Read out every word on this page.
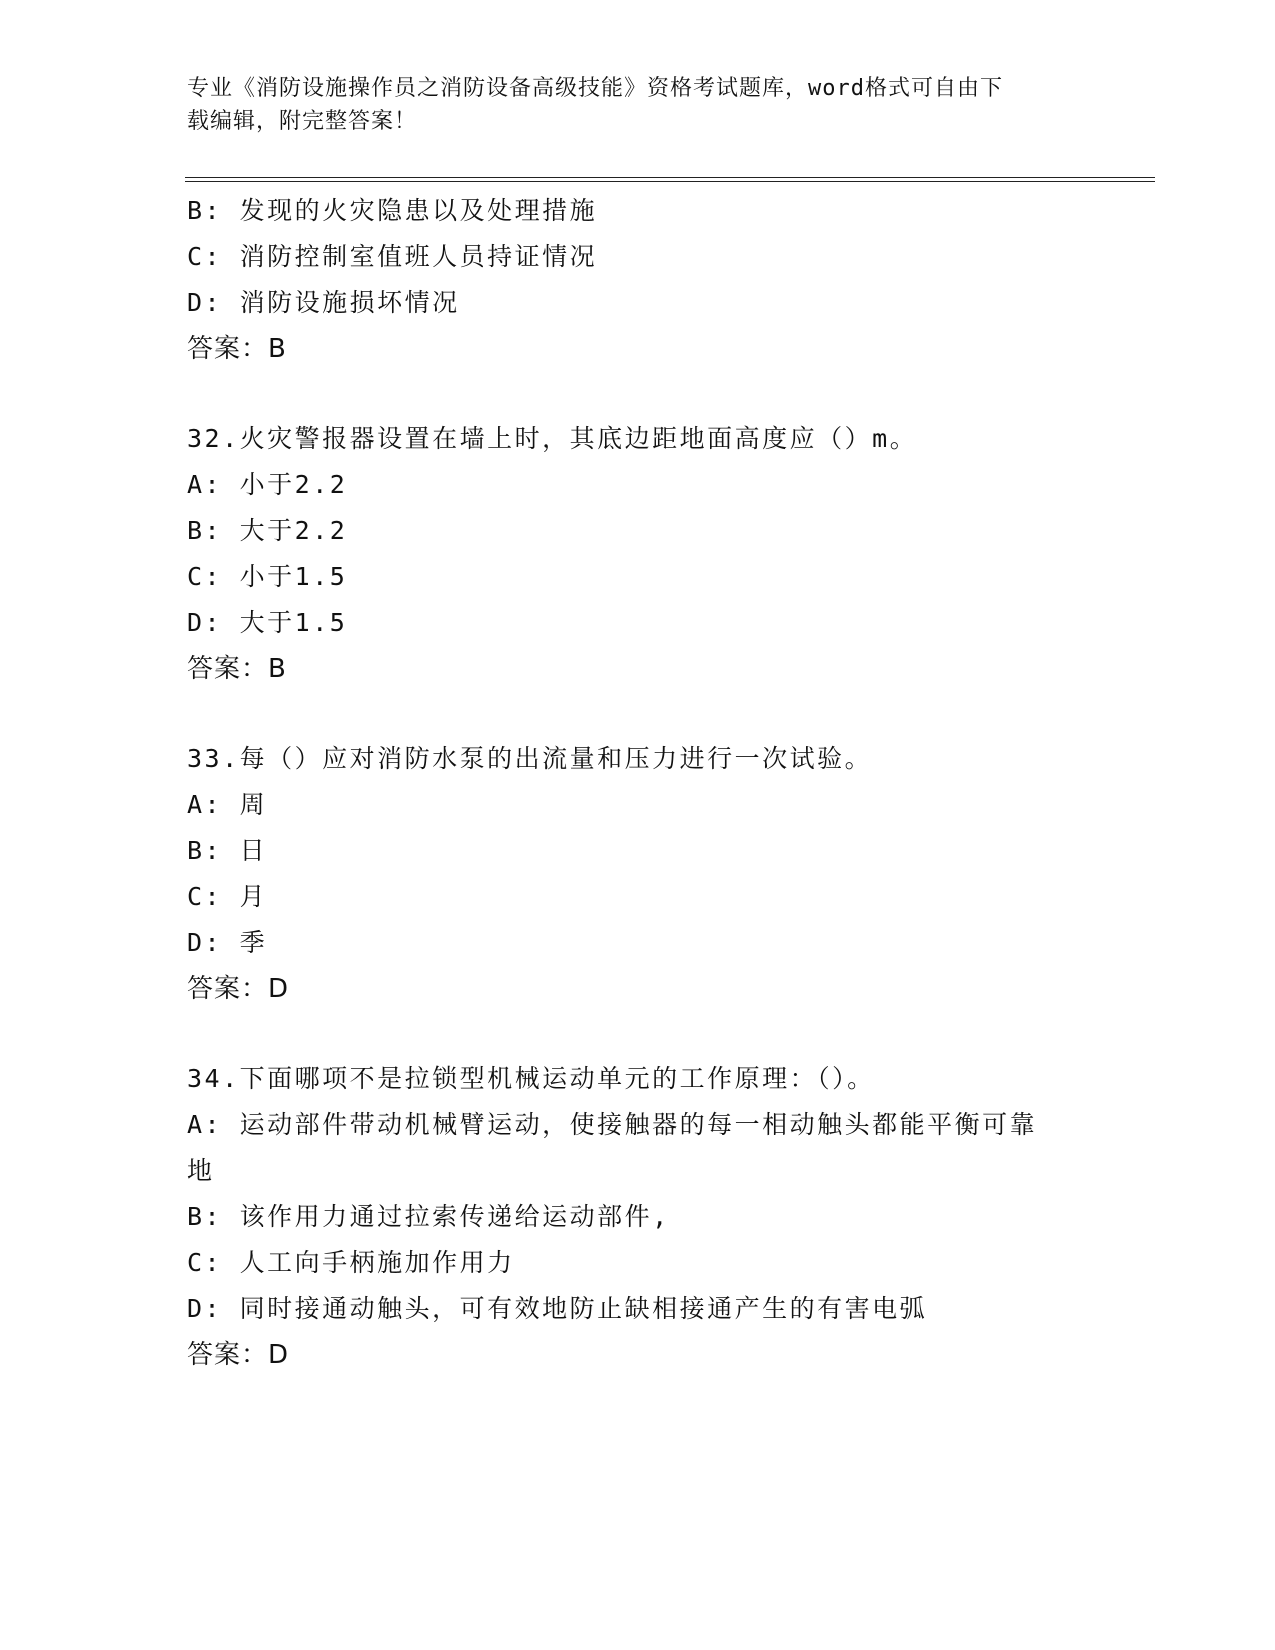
专业《消防设施操作员之消防设备高级技能》资格考试题库，word格式可自由下
载编辑，附完整答案！
B: 发现的火灾隐患以及处理措施
C: 消防控制室值班人员持证情况
D: 消防设施损坏情况
答案：B
32.火灾警报器设置在墙上时，其底边距地面高度应（）m。
A: 小于2.2
B: 大于2.2
C: 小于1.5
D: 大于1.5
答案：B
33.每（）应对消防水泵的出流量和压力进行一次试验。
A: 周
B: 日
C: 月
D: 季
答案：D
34.下面哪项不是拉锁型机械运动单元的工作原理：（）。
A: 运动部件带动机械臂运动，使接触器的每一相动触头都能平衡可靠
地
B: 该作用力通过拉索传递给运动部件,
C: 人工向手柄施加作用力
D: 同时接通动触头，可有效地防止缺相接通产生的有害电弧
答案：D
